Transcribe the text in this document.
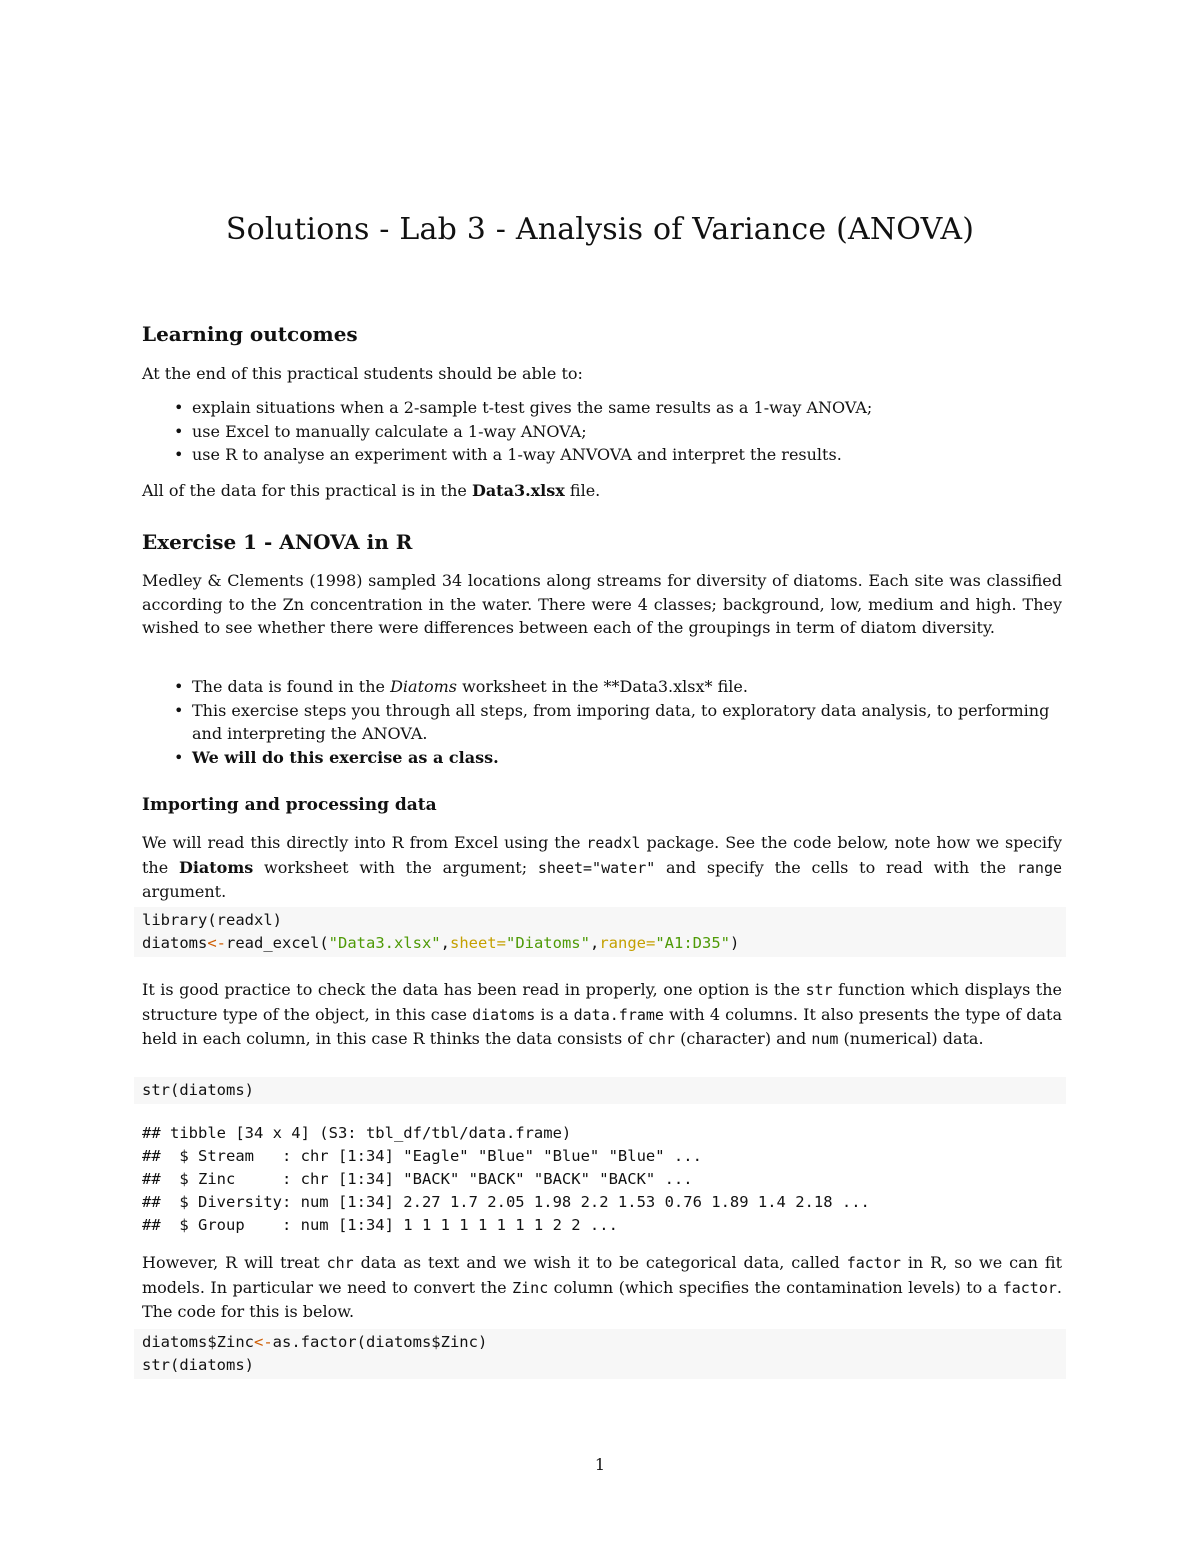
Solutions - Lab 3 - Analysis of Variance (ANOVA)
Learning outcomes

At the end of this practical students should be able to:

• explain situations when a 2-sample t-test gives the same results as a 1-way ANOVA;
• use Excel to manually calculate a 1-way ANOVA;
• use R to analyse an experiment with a 1-way ANVOVA and interpret the results.

All of the data for this practical is in the Data3.xlsx file.

Exercise 1 - ANOVA in R

Medley & Clements (1998) sampled 34 locations along streams for diversity of diatoms. Each site was classified according to the Zn concentration in the water. There were 4 classes; background, low, medium and high. They wished to see whether there were differences between each of the groupings in term of diatom diversity.

• The data is found in the Diatoms worksheet in the **Data3.xlsx* file.
• This exercise steps you through all steps, from imporing data, to exploratory data analysis, to performing and interpreting the ANOVA.
• We will do this exercise as a class.
Importing and processing data

We will read this directly into R from Excel using the readxl package. See the code below, note how we specify the Diatoms worksheet with the argument; sheet="water" and specify the cells to read with the range argument.

library(readxl)
diatoms<-read_excel("Data3.xlsx",sheet="Diatoms",range="A1:D35")

It is good practice to check the data has been read in properly, one option is the str function which displays the structure type of the object, in this case diatoms is a data.frame with 4 columns. It also presents the type of data held in each column, in this case R thinks the data consists of chr (character) and num (numerical) data.

str(diatoms)
## tibble [34 x 4] (S3: tbl_df/tbl/data.frame)
##  $ Stream   : chr [1:34] "Eagle" "Blue" "Blue" "Blue" ...
##  $ Zinc     : chr [1:34] "BACK" "BACK" "BACK" "BACK" ...
##  $ Diversity: num [1:34] 2.27 1.7 2.05 1.98 2.2 1.53 0.76 1.89 1.4 2.18 ...
##  $ Group    : num [1:34] 1 1 1 1 1 1 1 1 2 2 ...

However, R will treat chr data as text and we wish it to be categorical data, called factor in R, so we can fit models. In particular we need to convert the Zinc column (which specifies the contamination levels) to a factor. The code for this is below.

diatoms$Zinc<-as.factor(diatoms$Zinc)
str(diatoms)
1
